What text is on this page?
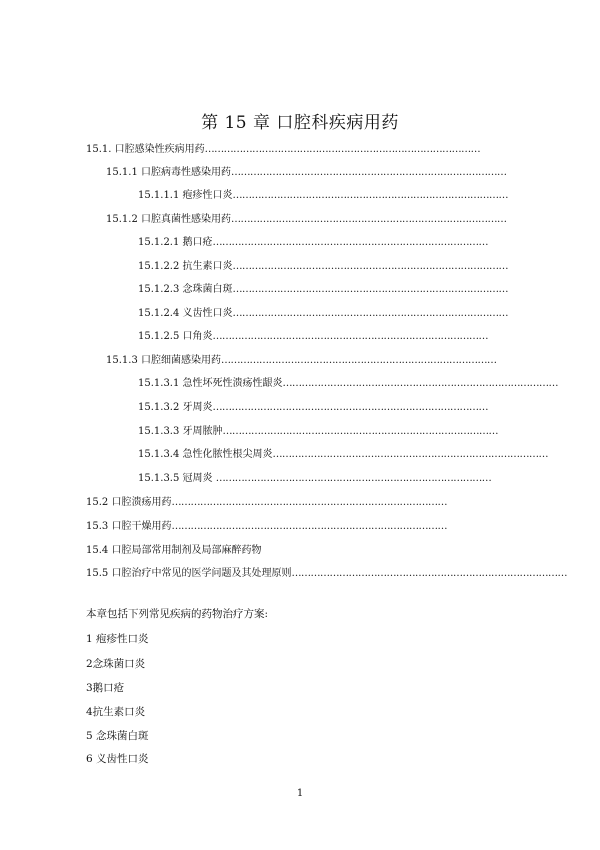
第 15 章 口腔科疾病用药
15.1. 口腔感染性疾病用药……………………………………………………………………………
15.1.1 口腔病毒性感染用药……………………………………………………………………………
15.1.1.1 疱疹性口炎……………………………………………………………………………
15.1.2 口腔真菌性感染用药……………………………………………………………………………
15.1.2.1 鹅口疮……………………………………………………………………………
15.1.2.2 抗生素口炎……………………………………………………………………………
15.1.2.3 念珠菌白斑……………………………………………………………………………
15.1.2.4 义齿性口炎……………………………………………………………………………
15.1.2.5 口角炎……………………………………………………………………………
15.1.3 口腔细菌感染用药……………………………………………………………………………
15.1.3.1 急性坏死性溃疡性龈炎……………………………………………………………………………
15.1.3.2 牙周炎……………………………………………………………………………
15.1.3.3 牙周脓肿……………………………………………………………………………
15.1.3.4 急性化脓性根尖周炎……………………………………………………………………………
15.1.3.5 冠周炎 ……………………………………………………………………………
15.2 口腔溃疡用药……………………………………………………………………………
15.3 口腔干燥用药……………………………………………………………………………
15.4 口腔局部常用制剂及局部麻醉药物
15.5 口腔治疗中常见的医学问题及其处理原则……………………………………………………………………………
本章包括下列常见疾病的药物治疗方案:
1 疱疹性口炎
2念珠菌口炎
3鹅口疮
4抗生素口炎
5 念珠菌白斑
6 义齿性口炎
1
